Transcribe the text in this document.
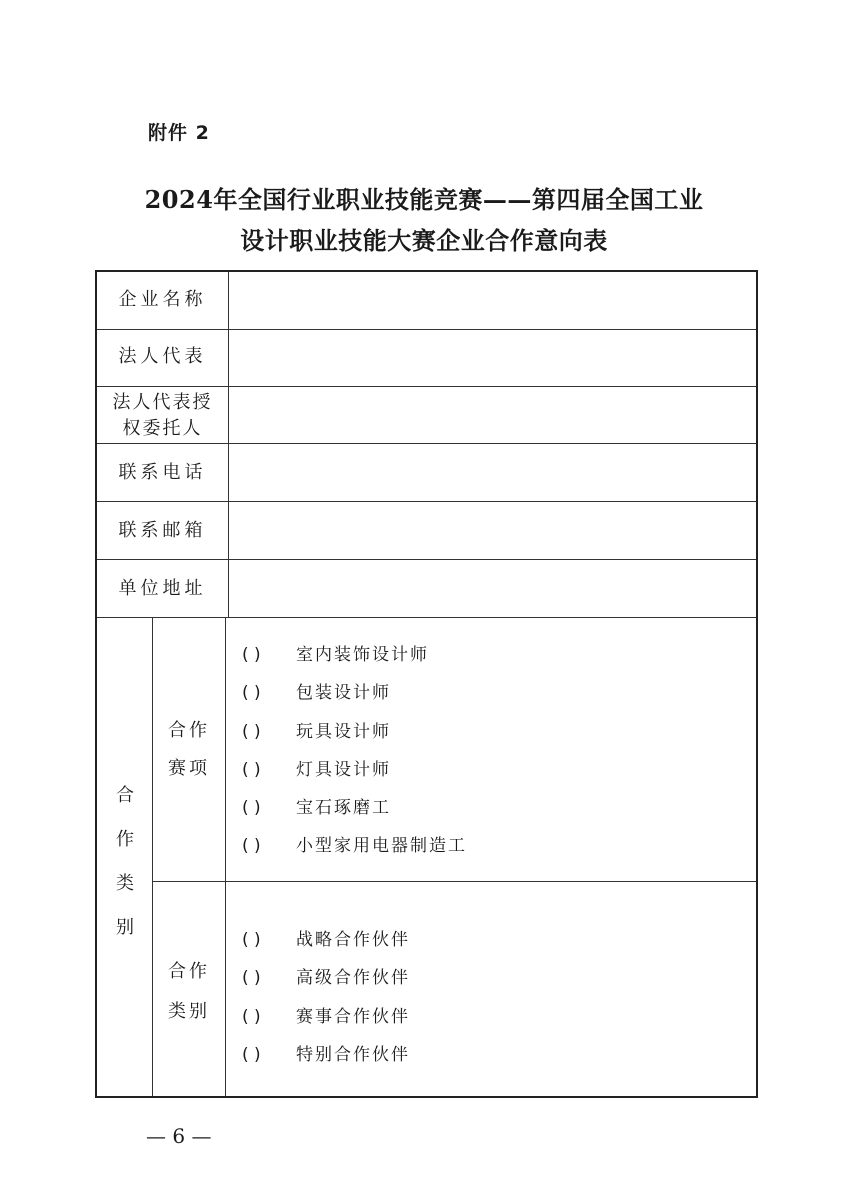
附件 2
2024年全国行业职业技能竞赛——第四届全国工业
设计职业技能大赛企业合作意向表
企业名称
法人代表
法人代表授
权委托人
联系电话
联系邮箱
单位地址
合
作
类
别
合作
赛项
合作
类别
( ) 室内装饰设计师
( ) 包装设计师
( ) 玩具设计师
( ) 灯具设计师
( ) 宝石琢磨工
( ) 小型家用电器制造工
( ) 战略合作伙伴
( ) 高级合作伙伴
( ) 赛事合作伙伴
( ) 特别合作伙伴
— 6 —
